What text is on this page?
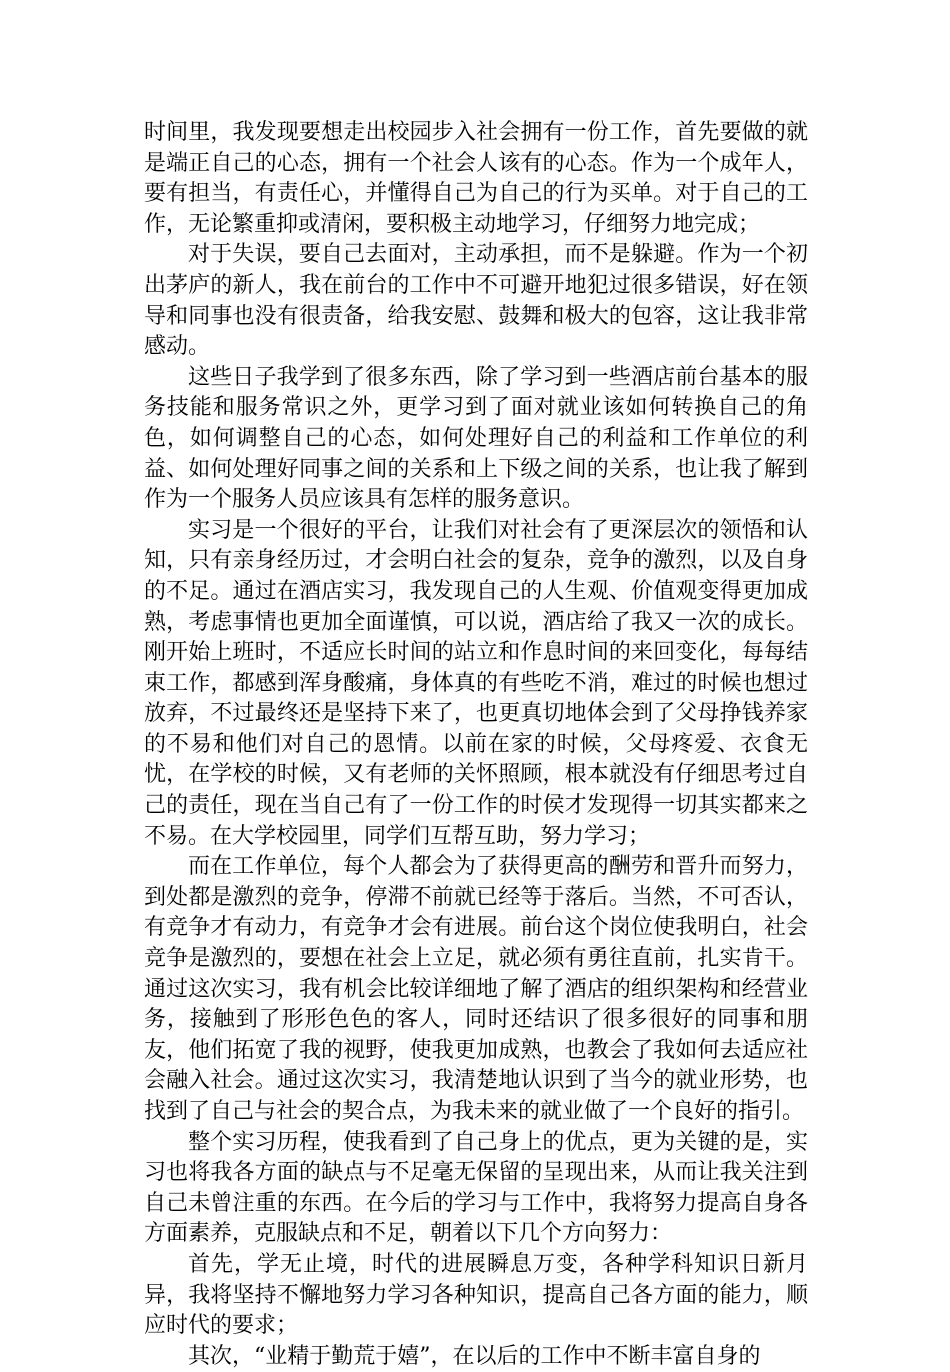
时间里，我发现要想走出校园步入社会拥有一份工作，首先要做的就是端正自己的心态，拥有一个社会人该有的心态。作为一个成年人，要有担当，有责任心，并懂得自己为自己的行为买单。对于自己的工作，无论繁重抑或清闲，要积极主动地学习，仔细努力地完成；

对于失误，要自己去面对，主动承担，而不是躲避。作为一个初出茅庐的新人，我在前台的工作中不可避开地犯过很多错误，好在领导和同事也没有很责备，给我安慰、鼓舞和极大的包容，这让我非常感动。

这些日子我学到了很多东西，除了学习到一些酒店前台基本的服务技能和服务常识之外，更学习到了面对就业该如何转换自己的角色，如何调整自己的心态，如何处理好自己的利益和工作单位的利益、如何处理好同事之间的关系和上下级之间的关系，也让我了解到作为一个服务人员应该具有怎样的服务意识。

实习是一个很好的平台，让我们对社会有了更深层次的领悟和认知，只有亲身经历过，才会明白社会的复杂，竞争的激烈，以及自身的不足。通过在酒店实习，我发现自己的人生观、价值观变得更加成熟，考虑事情也更加全面谨慎，可以说，酒店给了我又一次的成长。刚开始上班时，不适应长时间的站立和作息时间的来回变化，每每结束工作，都感到浑身酸痛，身体真的有些吃不消，难过的时候也想过放弃，不过最终还是坚持下来了，也更真切地体会到了父母挣钱养家的不易和他们对自己的恩情。以前在家的时候，父母疼爱、衣食无忧，在学校的时候，又有老师的关怀照顾，根本就没有仔细思考过自己的责任，现在当自己有了一份工作的时侯才发现得一切其实都来之不易。在大学校园里，同学们互帮互助，努力学习；

而在工作单位，每个人都会为了获得更高的酬劳和晋升而努力，到处都是激烈的竞争，停滞不前就已经等于落后。当然，不可否认，有竞争才有动力，有竞争才会有进展。前台这个岗位使我明白，社会竞争是激烈的，要想在社会上立足，就必须有勇往直前，扎实肯干。通过这次实习，我有机会比较详细地了解了酒店的组织架构和经营业务，接触到了形形色色的客人，同时还结识了很多很好的同事和朋友，他们拓宽了我的视野，使我更加成熟，也教会了我如何去适应社会融入社会。通过这次实习，我清楚地认识到了当今的就业形势，也找到了自己与社会的契合点，为我未来的就业做了一个良好的指引。

整个实习历程，使我看到了自己身上的优点，更为关键的是，实习也将我各方面的缺点与不足毫无保留的呈现出来，从而让我关注到自己未曾注重的东西。在今后的学习与工作中，我将努力提高自身各方面素养，克服缺点和不足，朝着以下几个方向努力：

首先，学无止境，时代的进展瞬息万变，各种学科知识日新月异，我将坚持不懈地努力学习各种知识，提高自己各方面的能力，顺应时代的要求；

其次，“业精于勤荒于嬉”，在以后的工作中不断丰富自身的
